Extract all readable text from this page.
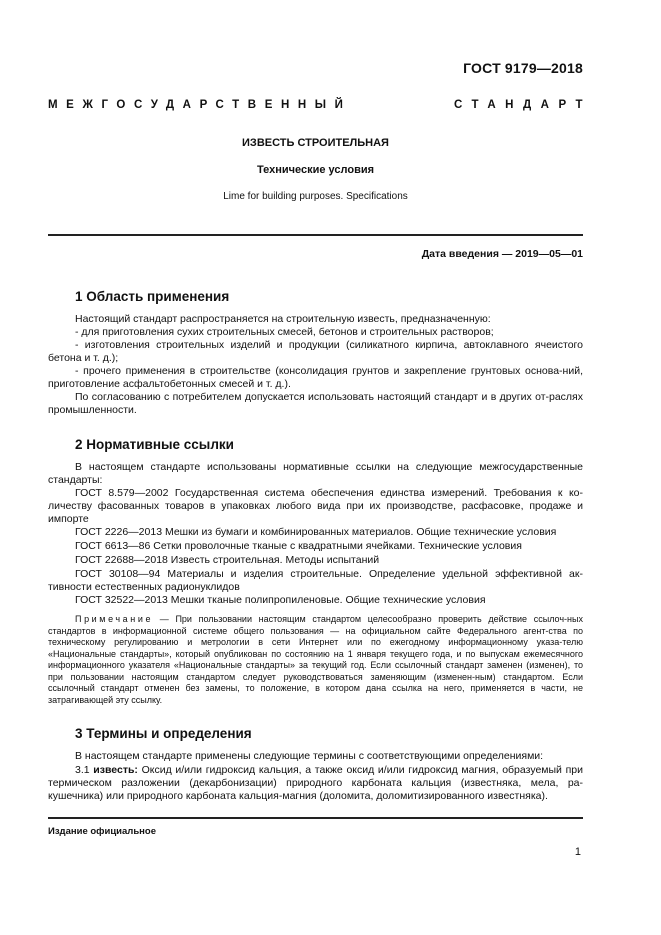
ГОСТ 9179—2018
МЕЖГОСУДАРСТВЕННЫЙ	СТАНДАРТ
ИЗВЕСТЬ СТРОИТЕЛЬНАЯ
Технические условия
Lime for building purposes. Specifications
Дата введения — 2019—05—01
1 Область применения
Настоящий стандарт распространяется на строительную известь, предназначенную:
- для приготовления сухих строительных смесей, бетонов и строительных растворов;
- изготовления строительных изделий и продукции (силикатного кирпича, автоклавного ячеистого бетона и т. д.);
- прочего применения в строительстве (консолидация грунтов и закрепление грунтовых основа-ний, приготовление асфальтобетонных смесей и т. д.).
По согласованию с потребителем допускается использовать настоящий стандарт и в других от-раслях промышленности.
2 Нормативные ссылки
В настоящем стандарте использованы нормативные ссылки на следующие межгосударственные стандарты:
ГОСТ 8.579—2002 Государственная система обеспечения единства измерений. Требования к ко-личеству фасованных товаров в упаковках любого вида при их производстве, расфасовке, продаже и импорте
ГОСТ 2226—2013 Мешки из бумаги и комбинированных материалов. Общие технические условия
ГОСТ 6613—86 Сетки проволочные тканые с квадратными ячейками. Технические условия
ГОСТ 22688—2018 Известь строительная. Методы испытаний
ГОСТ 30108—94 Материалы и изделия строительные. Определение удельной эффективной ак-тивности естественных радионуклидов
ГОСТ 32522—2013 Мешки тканые полипропиленовые. Общие технические условия
Примечание — При пользовании настоящим стандартом целесообразно проверить действие ссылоч-ных стандартов в информационной системе общего пользования — на официальном сайте Федерального агент-ства по техническому регулированию и метрологии в сети Интернет или по ежегодному информационному указа-телю «Национальные стандарты», который опубликован по состоянию на 1 января текущего года, и по выпускам ежемесячного информационного указателя «Национальные стандарты» за текущий год. Если ссылочный стандарт заменен (изменен), то при пользовании настоящим стандартом следует руководствоваться заменяющим (изменен-ным) стандартом. Если ссылочный стандарт отменен без замены, то положение, в котором дана ссылка на него, применяется в части, не затрагивающей эту ссылку.
3 Термины и определения
В настоящем стандарте применены следующие термины с соответствующими определениями:
3.1 известь: Оксид и/или гидроксид кальция, а также оксид и/или гидроксид магния, образуемый при термическом разложении (декарбонизации) природного карбоната кальция (известняка, мела, ра-кушечника) или природного карбоната кальция-магния (доломита, доломитизированного известняка).
Издание официальное
1
